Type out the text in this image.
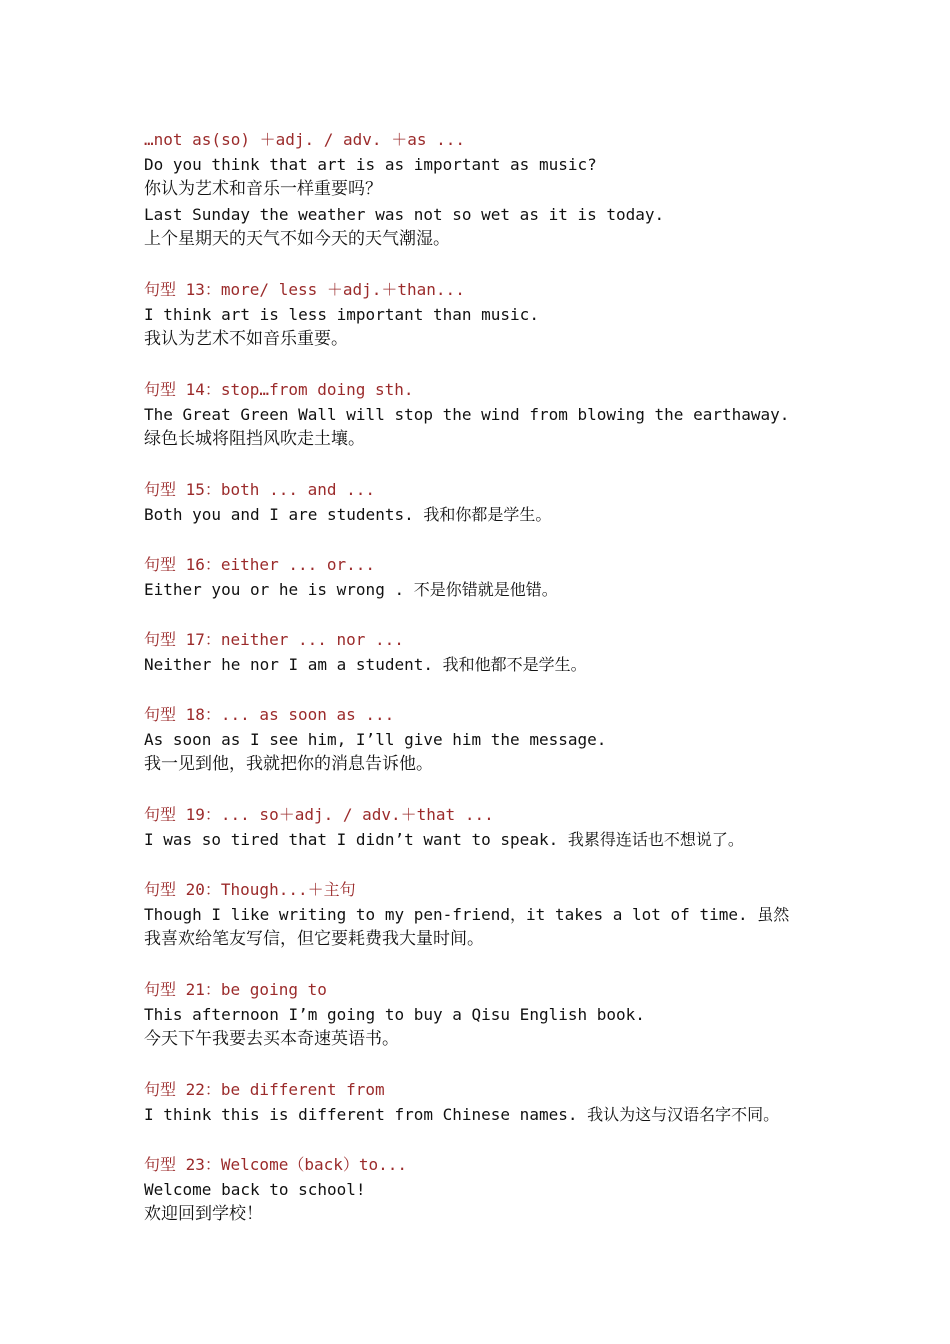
…not as(so) ＋adj. / adv. ＋as ...
Do you think that art is as important as music?
你认为艺术和音乐一样重要吗？
Last Sunday the weather was not so wet as it is today.
上个星期天的天气不如今天的天气潮湿。
句型 13：more/ less ＋adj.＋than...
I think art is less important than music.
我认为艺术不如音乐重要。
句型 14：stop…from doing sth.
The Great Green Wall will stop the wind from blowing the earthaway.
绿色长城将阻挡风吹走土壤。
句型 15：both ... and ...
Both you and I are students. 我和你都是学生。
句型 16：either ... or...
Either you or he is wrong . 不是你错就是他错。
句型 17：neither ... nor ...
Neither he nor I am a student. 我和他都不是学生。
句型 18：... as soon as ...
As soon as I see him, I’ll give him the message.
我一见到他，我就把你的消息告诉他。
句型 19：... so＋adj. / adv.＋that ...
I was so tired that I didn’t want to speak. 我累得连话也不想说了。
句型 20：Though...＋主句
Though I like writing to my pen-friend，it takes a lot of time. 虽然
我喜欢给笔友写信，但它要耗费我大量时间。
句型 21：be going to
This afternoon I’m going to buy a Qisu English book.
今天下午我要去买本奇速英语书。
句型 22：be different from
I think this is different from Chinese names. 我认为这与汉语名字不同。
句型 23：Welcome（back）to...
Welcome back to school!
欢迎回到学校！
